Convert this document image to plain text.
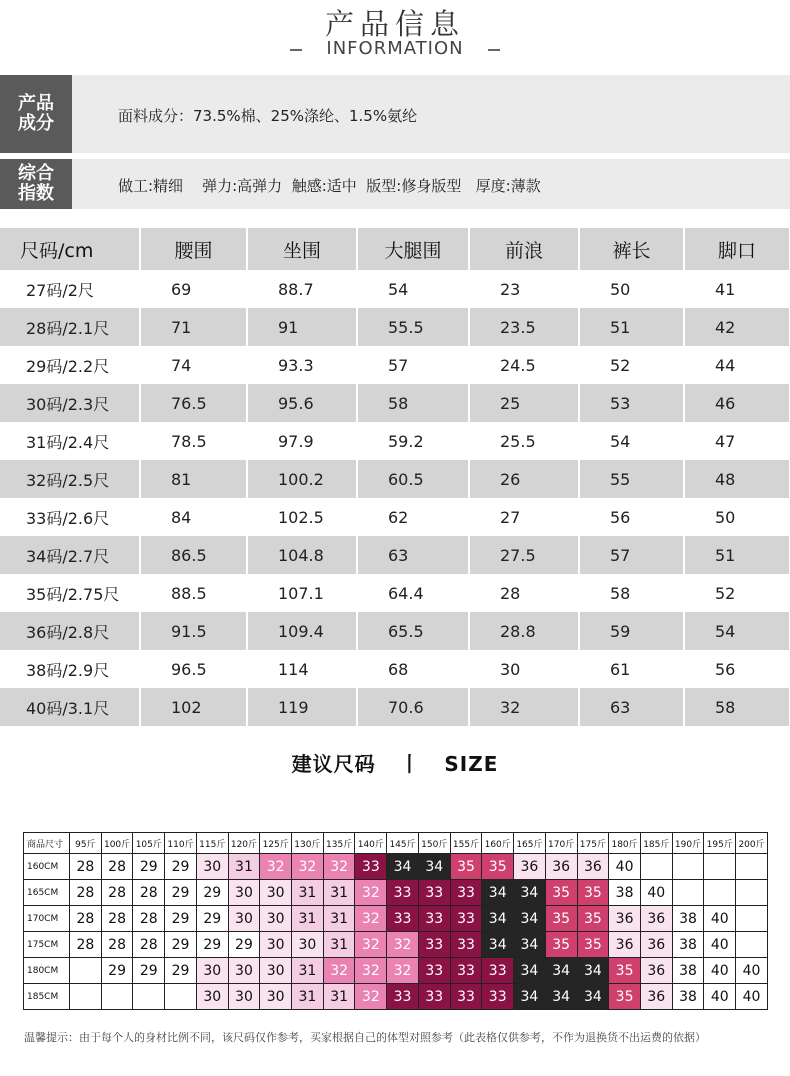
产品信息
INFORMATION
产品成分	面料成分：73.5%棉、25%涤纶、1.5%氨纶
综合指数	做工:精细    弹力:高弹力  触感:适中  版型:修身版型   厚度:薄款
尺码/cm	腰围	坐围	大腿围	前浪	裤长	脚口
27码/2尺	69	88.7	54	23	50	41
28码/2.1尺	71	91	55.5	23.5	51	42
29码/2.2尺	74	93.3	57	24.5	52	44
30码/2.3尺	76.5	95.6	58	25	53	46
31码/2.4尺	78.5	97.9	59.2	25.5	54	47
32码/2.5尺	81	100.2	60.5	26	55	48
33码/2.6尺	84	102.5	62	27	56	50
34码/2.7尺	86.5	104.8	63	27.5	57	51
35码/2.75尺	88.5	107.1	64.4	28	58	52
36码/2.8尺	91.5	109.4	65.5	28.8	59	54
38码/2.9尺	96.5	114	68	30	61	56
40码/3.1尺	102	119	70.6	32	63	58
建议尺码   丨   SIZE
商品尺寸	95斤	100斤	105斤	110斤	115斤	120斤	125斤	130斤	135斤	140斤	145斤	150斤	155斤	160斤	165斤	170斤	175斤	180斤	185斤	190斤	195斤	200斤
160CM	28	28	29	29	30	31	32	32	32	33	34	34	35	35	36	36	36	40				
165CM	28	28	28	29	29	30	30	31	31	32	33	33	33	34	34	35	35	38	40			
170CM	28	28	28	29	29	30	30	31	31	32	33	33	33	34	34	35	35	36	36	38	40	
175CM	28	28	28	29	29	29	30	30	31	32	32	33	33	34	34	35	35	36	36	38	40	
180CM		29	29	29	30	30	30	31	32	32	32	33	33	33	34	34	34	35	36	38	40	40
185CM					30	30	30	31	31	32	33	33	33	33	34	34	34	35	36	38	40	40
温馨提示：由于每个人的身材比例不同，该尺码仅作参考，买家根据自己的体型对照参考（此表格仅供参考，不作为退换货不出运费的依据）
